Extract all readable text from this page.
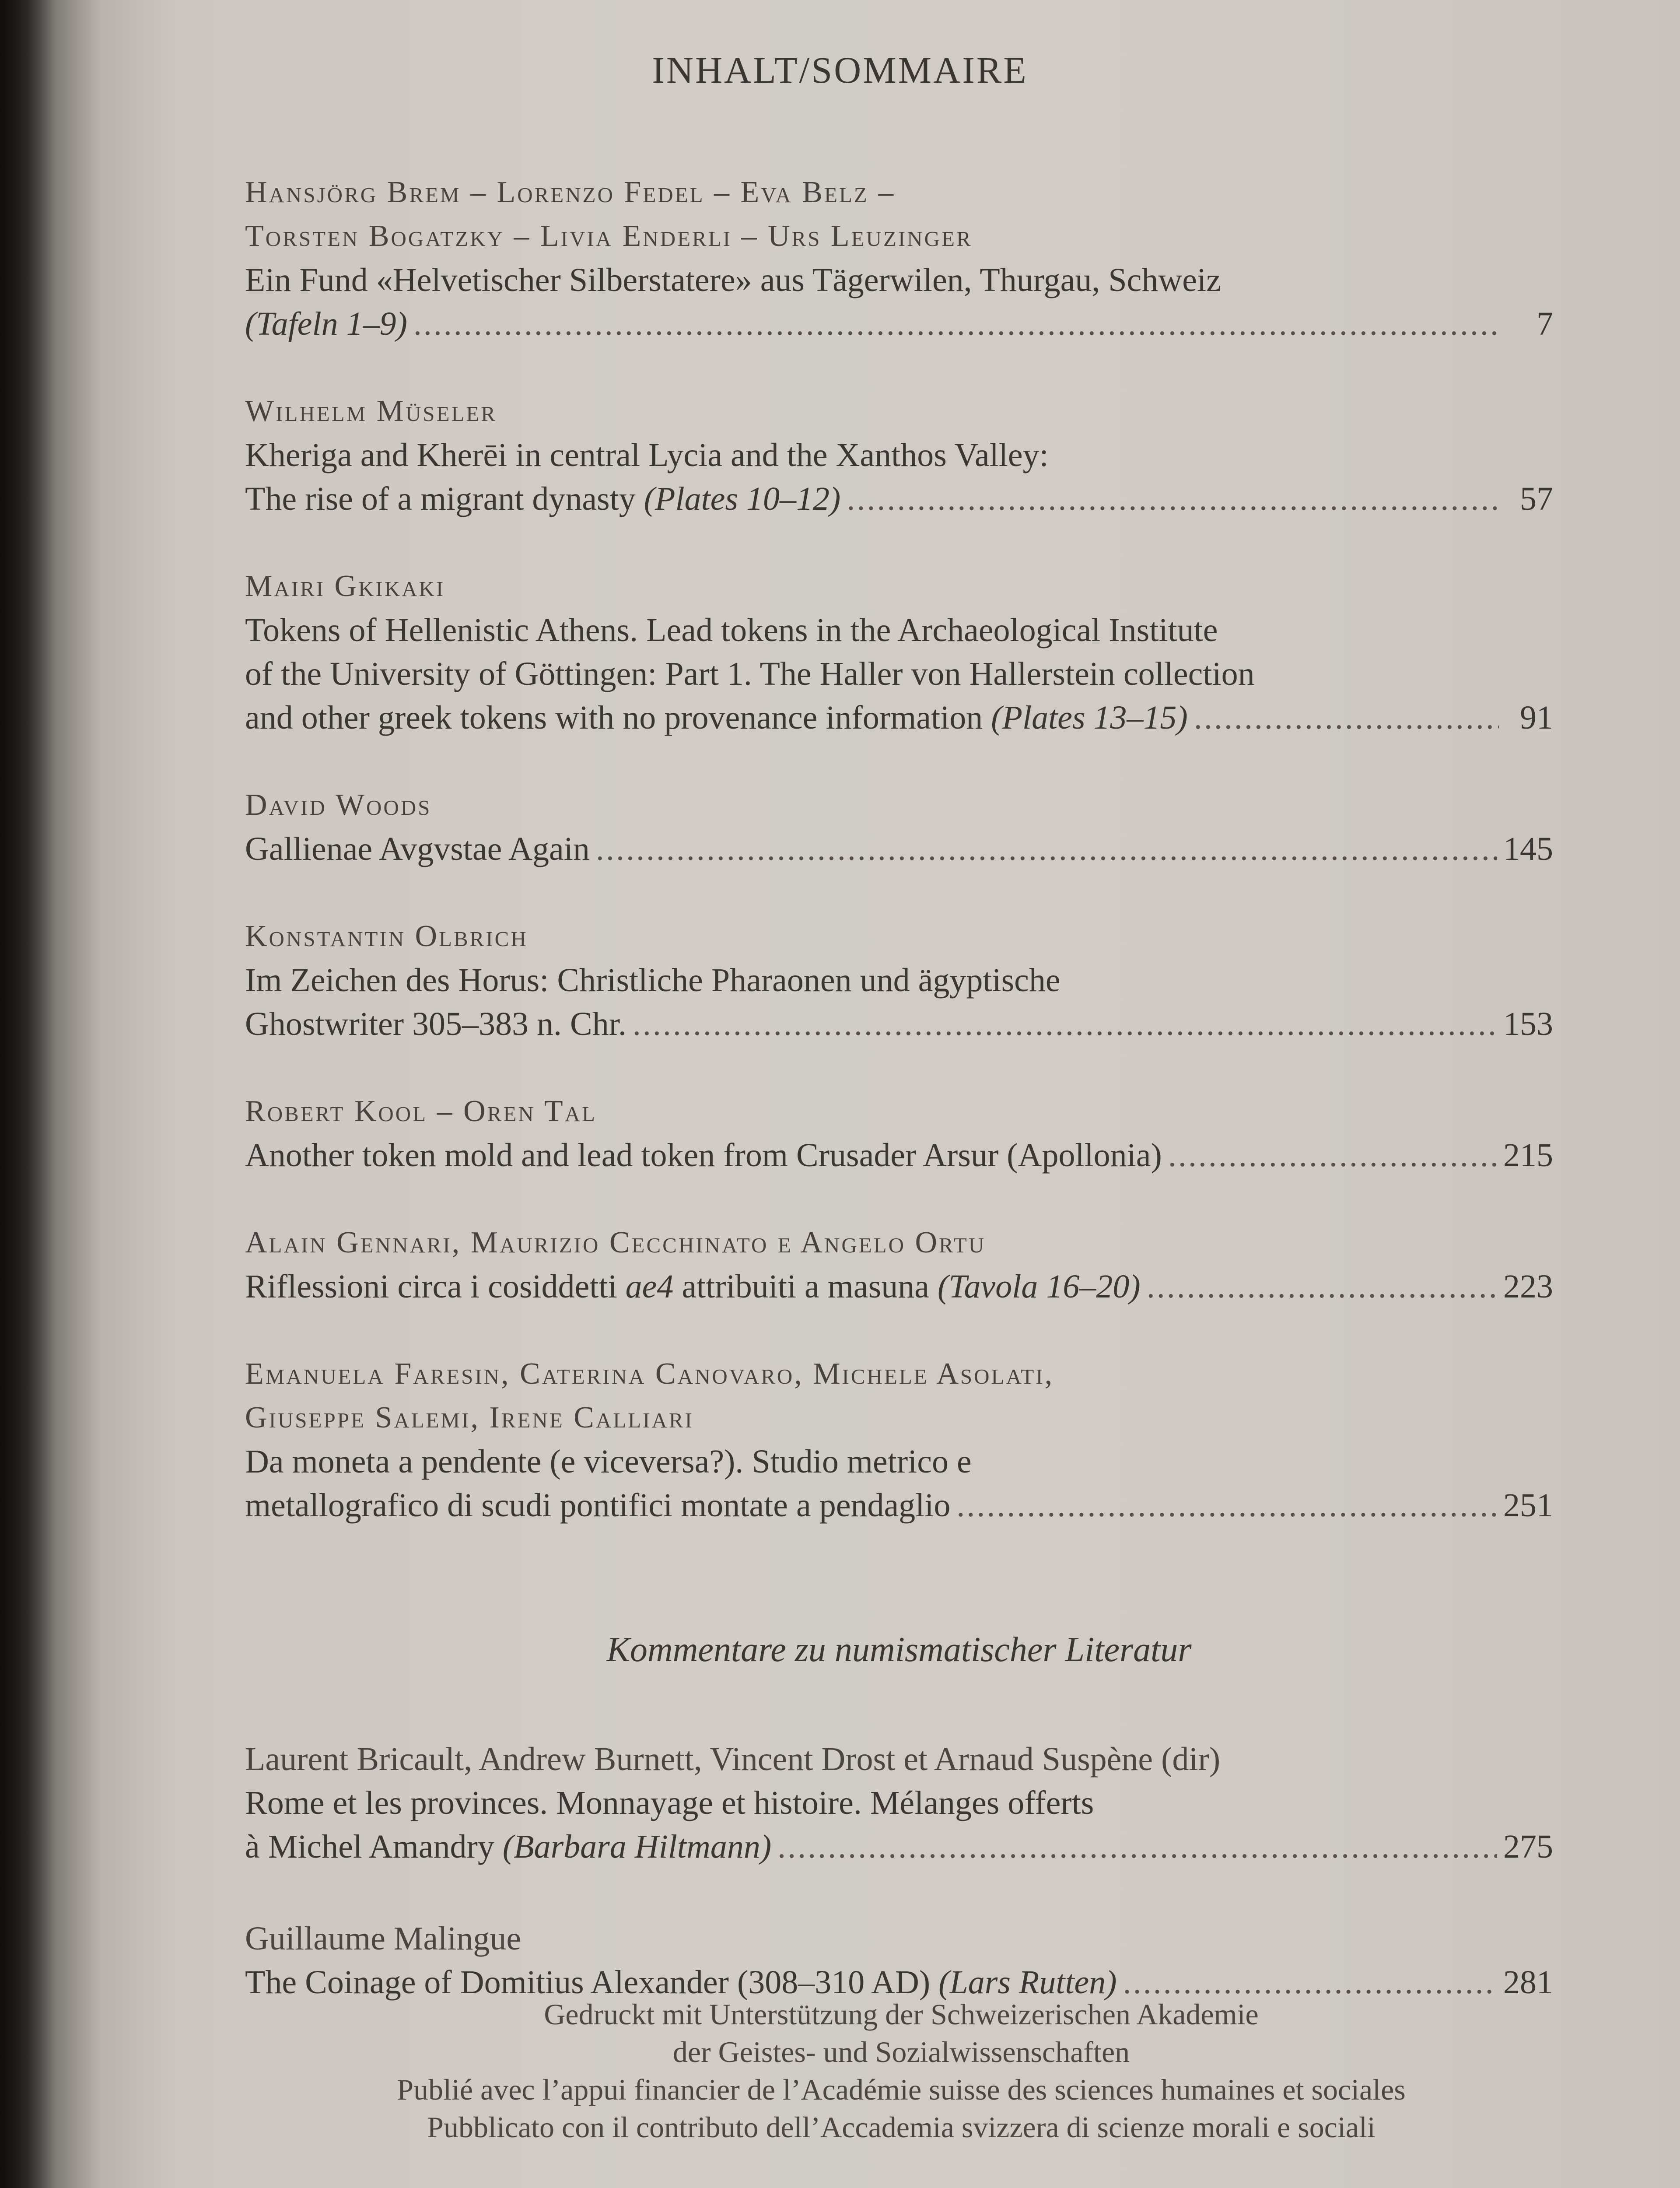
INHALT/SOMMAIRE
Hansjörg Brem – Lorenzo Fedel – Eva Belz –
Torsten Bogatzky – Livia Enderli – Urs Leuzinger
Ein Fund «Helvetischer Silberstatere» aus Tägerwilen, Thurgau, Schweiz
(Tafeln 1–9) .....	7
Wilhelm Müseler
Kheriga and Kherēi in central Lycia and the Xanthos Valley:
The rise of a migrant dynasty (Plates 10–12) .....	57
Mairi Gkikaki
Tokens of Hellenistic Athens. Lead tokens in the Archaeological Institute
of the University of Göttingen: Part 1. The Haller von Hallerstein collection
and other greek tokens with no provenance information (Plates 13–15) .....	91
David Woods
Gallienae Avgvstae Again .....	145
Konstantin Olbrich
Im Zeichen des Horus: Christliche Pharaonen und ägyptische
Ghostwriter 305–383 n. Chr. .....	153
Robert Kool – Oren Tal
Another token mold and lead token from Crusader Arsur (Apollonia) .....	215
Alain Gennari, Maurizio Cecchinato e Angelo Ortu
Riflessioni circa i cosiddetti ae4 attribuiti a masuna (Tavola 16–20) .....	223
Emanuela Faresin, Caterina Canovaro, Michele Asolati,
Giuseppe Salemi, Irene Calliari
Da moneta a pendente (e viceversa?). Studio metrico e
metallografico di scudi pontifici montate a pendaglio .....	251
Kommentare zu numismatischer Literatur
Laurent Bricault, Andrew Burnett, Vincent Drost et Arnaud Suspène (dir)
Rome et les provinces. Monnayage et histoire. Mélanges offerts
à Michel Amandry (Barbara Hiltmann) .....	275
Guillaume Malingue
The Coinage of Domitius Alexander (308–310 AD) (Lars Rutten) .....	281
Gedruckt mit Unterstützung der Schweizerischen Akademie
der Geistes- und Sozialwissenschaften
Publié avec l’appui financier de l’Académie suisse des sciences humaines et sociales
Pubblicato con il contributo dell’Accademia svizzera di scienze morali e sociali
